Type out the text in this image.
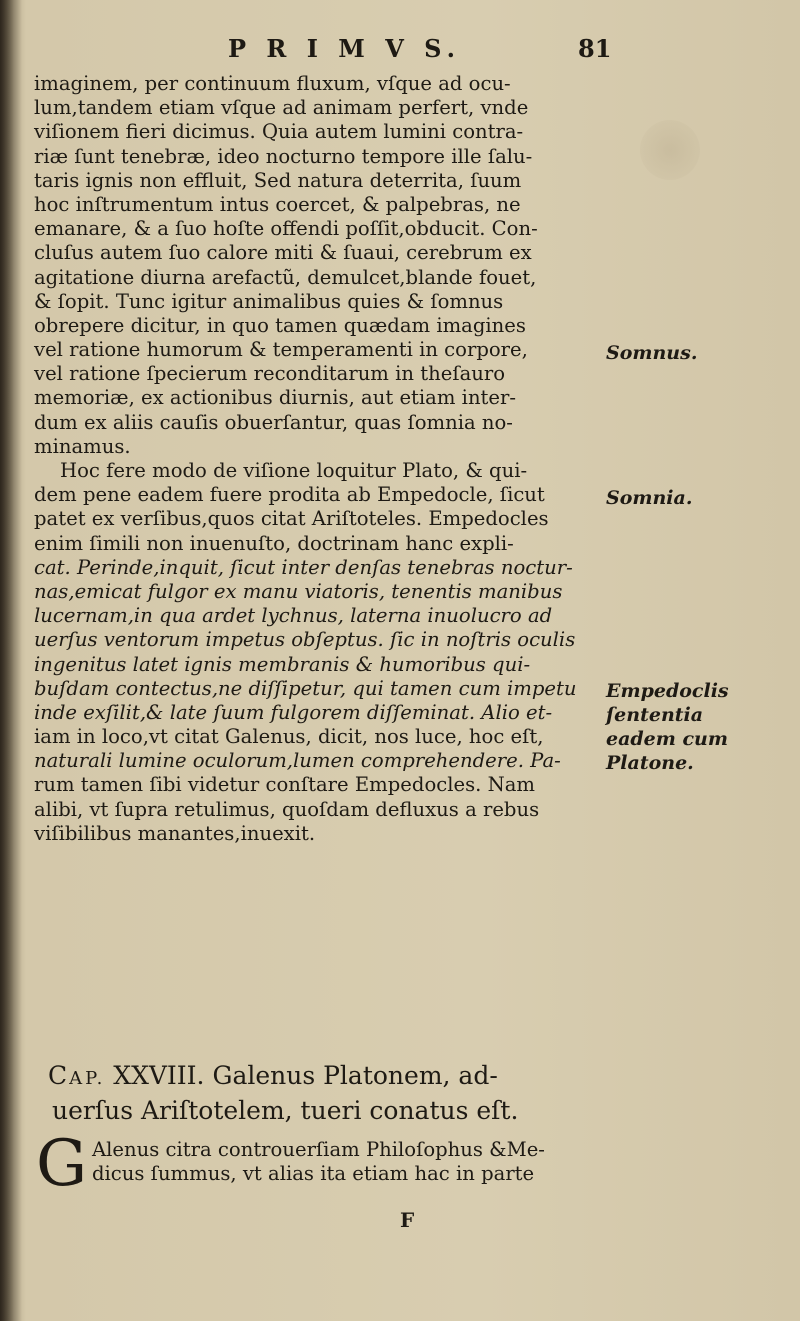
P R I M V S.	81
imaginem, per continuum fluxum, vſque ad ocu-
lum,tandem etiam vſque ad animam perfert, vnde
viſionem fieri dicimus. Quia autem lumini contra-
riæ ſunt tenebræ, ideo nocturno tempore ille ſalu-
taris ignis non effluit, Sed natura deterrita, ſuum
hoc inſtrumentum intus coercet, & palpebras, ne
emanare, & a ſuo hoſte offendi poſſit,obducit. Con-
cluſus autem ſuo calore miti & ſuaui, cerebrum ex
agitatione diurna arefactũ, demulcet,blande fouet,
& ſopit. Tunc igitur animalibus quies & ſomnus
obrepere dicitur, in quo tamen quædam imagines
vel ratione humorum & temperamenti in corpore,
vel ratione ſpecierum reconditarum in theſauro
memoriæ, ex actionibus diurnis, aut etiam inter-
dum ex aliis cauſis obuerſantur, quas ſomnia no-
minamus.
Hoc fere modo de viſione loquitur Plato, & qui-
dem pene eadem fuere prodita ab Empedocle, ſicut
patet ex verſibus,quos citat Ariſtoteles. Empedocles
enim ſimili non inuenuſto, doctrinam hanc expli-
cat. Perinde,inquit, ſicut inter denſas tenebras noctur-
nas,emicat fulgor ex manu viatoris, tenentis manibus
lucernam,in qua ardet lychnus, laterna inuolucro ad
uerſus ventorum impetus obſeptus. ſic in noſtris oculis
ingenitus latet ignis membranis & humoribus qui-
buſdam contectus,ne diſſipetur, qui tamen cum impetu
inde exſilit,& late ſuum fulgorem diſſeminat. Alio et-
iam in loco,vt citat Galenus, dicit, nos luce, hoc eſt,
naturali lumine oculorum,lumen comprehendere. Pa-
rum tamen ſibi videtur conſtare Empedocles. Nam
alibi, vt ſupra retulimus, quoſdam defluxus a rebus
viſibilibus manantes,inuexit.
Somnus.
Somnia.
Empedoclis
ſententia
eadem cum
Platone.
CAP. XXVIII. Galenus Platonem, ad-
uerſus Ariſtotelem, tueri conatus eſt.
G Alenus citra controuerſiam Philoſophus &Me-
dicus ſummus, vt alias ita etiam hac in parte
F
